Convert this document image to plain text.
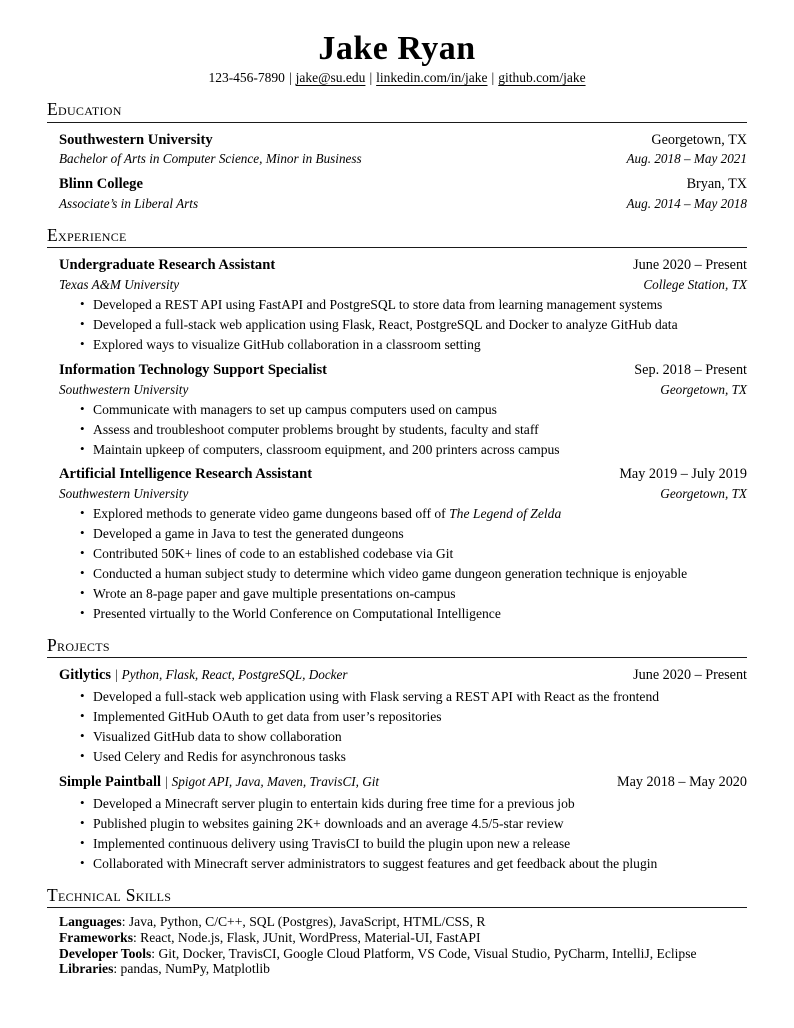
Jake Ryan
123-456-7890 | jake@su.edu | linkedin.com/in/jake | github.com/jake
Education
Southwestern University	Georgetown, TX
Bachelor of Arts in Computer Science, Minor in Business	Aug. 2018 – May 2021
Blinn College	Bryan, TX
Associate’s in Liberal Arts	Aug. 2014 – May 2018
Experience
Undergraduate Research Assistant	June 2020 – Present
Texas A&M University	College Station, TX
• Developed a REST API using FastAPI and PostgreSQL to store data from learning management systems
• Developed a full-stack web application using Flask, React, PostgreSQL and Docker to analyze GitHub data
• Explored ways to visualize GitHub collaboration in a classroom setting
Information Technology Support Specialist	Sep. 2018 – Present
Southwestern University	Georgetown, TX
• Communicate with managers to set up campus computers used on campus
• Assess and troubleshoot computer problems brought by students, faculty and staff
• Maintain upkeep of computers, classroom equipment, and 200 printers across campus
Artificial Intelligence Research Assistant	May 2019 – July 2019
Southwestern University	Georgetown, TX
• Explored methods to generate video game dungeons based off of The Legend of Zelda
• Developed a game in Java to test the generated dungeons
• Contributed 50K+ lines of code to an established codebase via Git
• Conducted a human subject study to determine which video game dungeon generation technique is enjoyable
• Wrote an 8-page paper and gave multiple presentations on-campus
• Presented virtually to the World Conference on Computational Intelligence
Projects
Gitlytics | Python, Flask, React, PostgreSQL, Docker	June 2020 – Present
• Developed a full-stack web application using with Flask serving a REST API with React as the frontend
• Implemented GitHub OAuth to get data from user’s repositories
• Visualized GitHub data to show collaboration
• Used Celery and Redis for asynchronous tasks
Simple Paintball | Spigot API, Java, Maven, TravisCI, Git	May 2018 – May 2020
• Developed a Minecraft server plugin to entertain kids during free time for a previous job
• Published plugin to websites gaining 2K+ downloads and an average 4.5/5-star review
• Implemented continuous delivery using TravisCI to build the plugin upon new a release
• Collaborated with Minecraft server administrators to suggest features and get feedback about the plugin
Technical Skills
Languages: Java, Python, C/C++, SQL (Postgres), JavaScript, HTML/CSS, R
Frameworks: React, Node.js, Flask, JUnit, WordPress, Material-UI, FastAPI
Developer Tools: Git, Docker, TravisCI, Google Cloud Platform, VS Code, Visual Studio, PyCharm, IntelliJ, Eclipse
Libraries: pandas, NumPy, Matplotlib
